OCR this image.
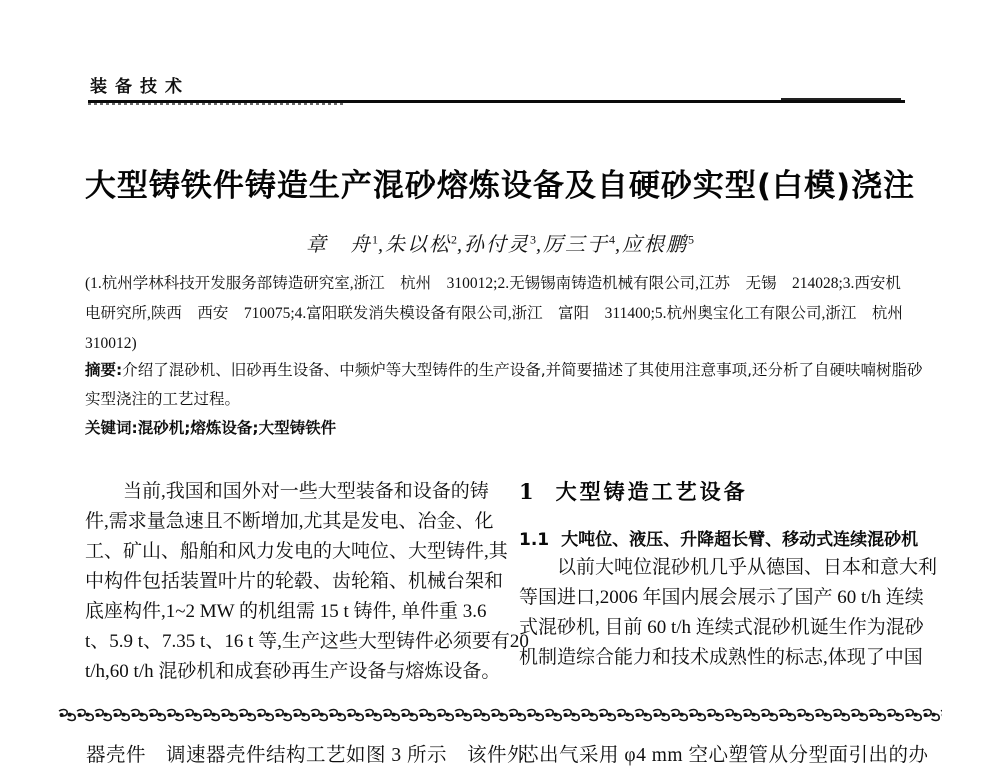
装备技术
大型铸铁件铸造生产混砂熔炼设备及自硬砂实型(白模)浇注
章　舟$^1$,朱以松$^2$,孙付灵$^3$,厉三于$^4$,应根鹏$^5$
(1.杭州学林科技开发服务部铸造研究室,浙江　杭州　310012;2.无锡锡南铸造机械有限公司,江苏　无锡　214028;3.西安机
电研究所,陕西　西安　710075;4.富阳联发消失模设备有限公司,浙江　富阳　311400;5.杭州奥宝化工有限公司,浙江　杭州
310012)
摘要:介绍了混砂机、旧砂再生设备、中频炉等大型铸件的生产设备,并简要描述了其使用注意事项,还分析了自硬呋喃树脂砂
实型浇注的工艺过程。
关键词:混砂机;熔炼设备;大型铸铁件
当前,我国和国外对一些大型装备和设备的铸
件,需求量急速且不断增加,尤其是发电、冶金、化
工、矿山、船舶和风力发电的大吨位、大型铸件,其
中构件包括装置叶片的轮毂、齿轮箱、机械台架和
底座构件,1~2 MW 的机组需 15 t 铸件, 单件重 3.6
t、5.9 t、7.35 t、16 t 等,生产这些大型铸件必须要有20
t/h,60 t/h 混砂机和成套砂再生产设备与熔炼设备。
1 大型铸造工艺设备
1.1 大吨位、液压、升降超长臂、移动式连续混砂机
以前大吨位混砂机几乎从德国、日本和意大利
等国进口,2006 年国内展会展示了国产 60 t/h 连续
式混砂机, 目前 60 t/h 连续式混砂机诞生作为混砂
机制造综合能力和技术成熟性的标志,体现了中国
器壳件　调速器壳件结构工艺如图 3 所示　该件外
芯出气采用 φ4 mm 空心塑管从分型面引出的办
